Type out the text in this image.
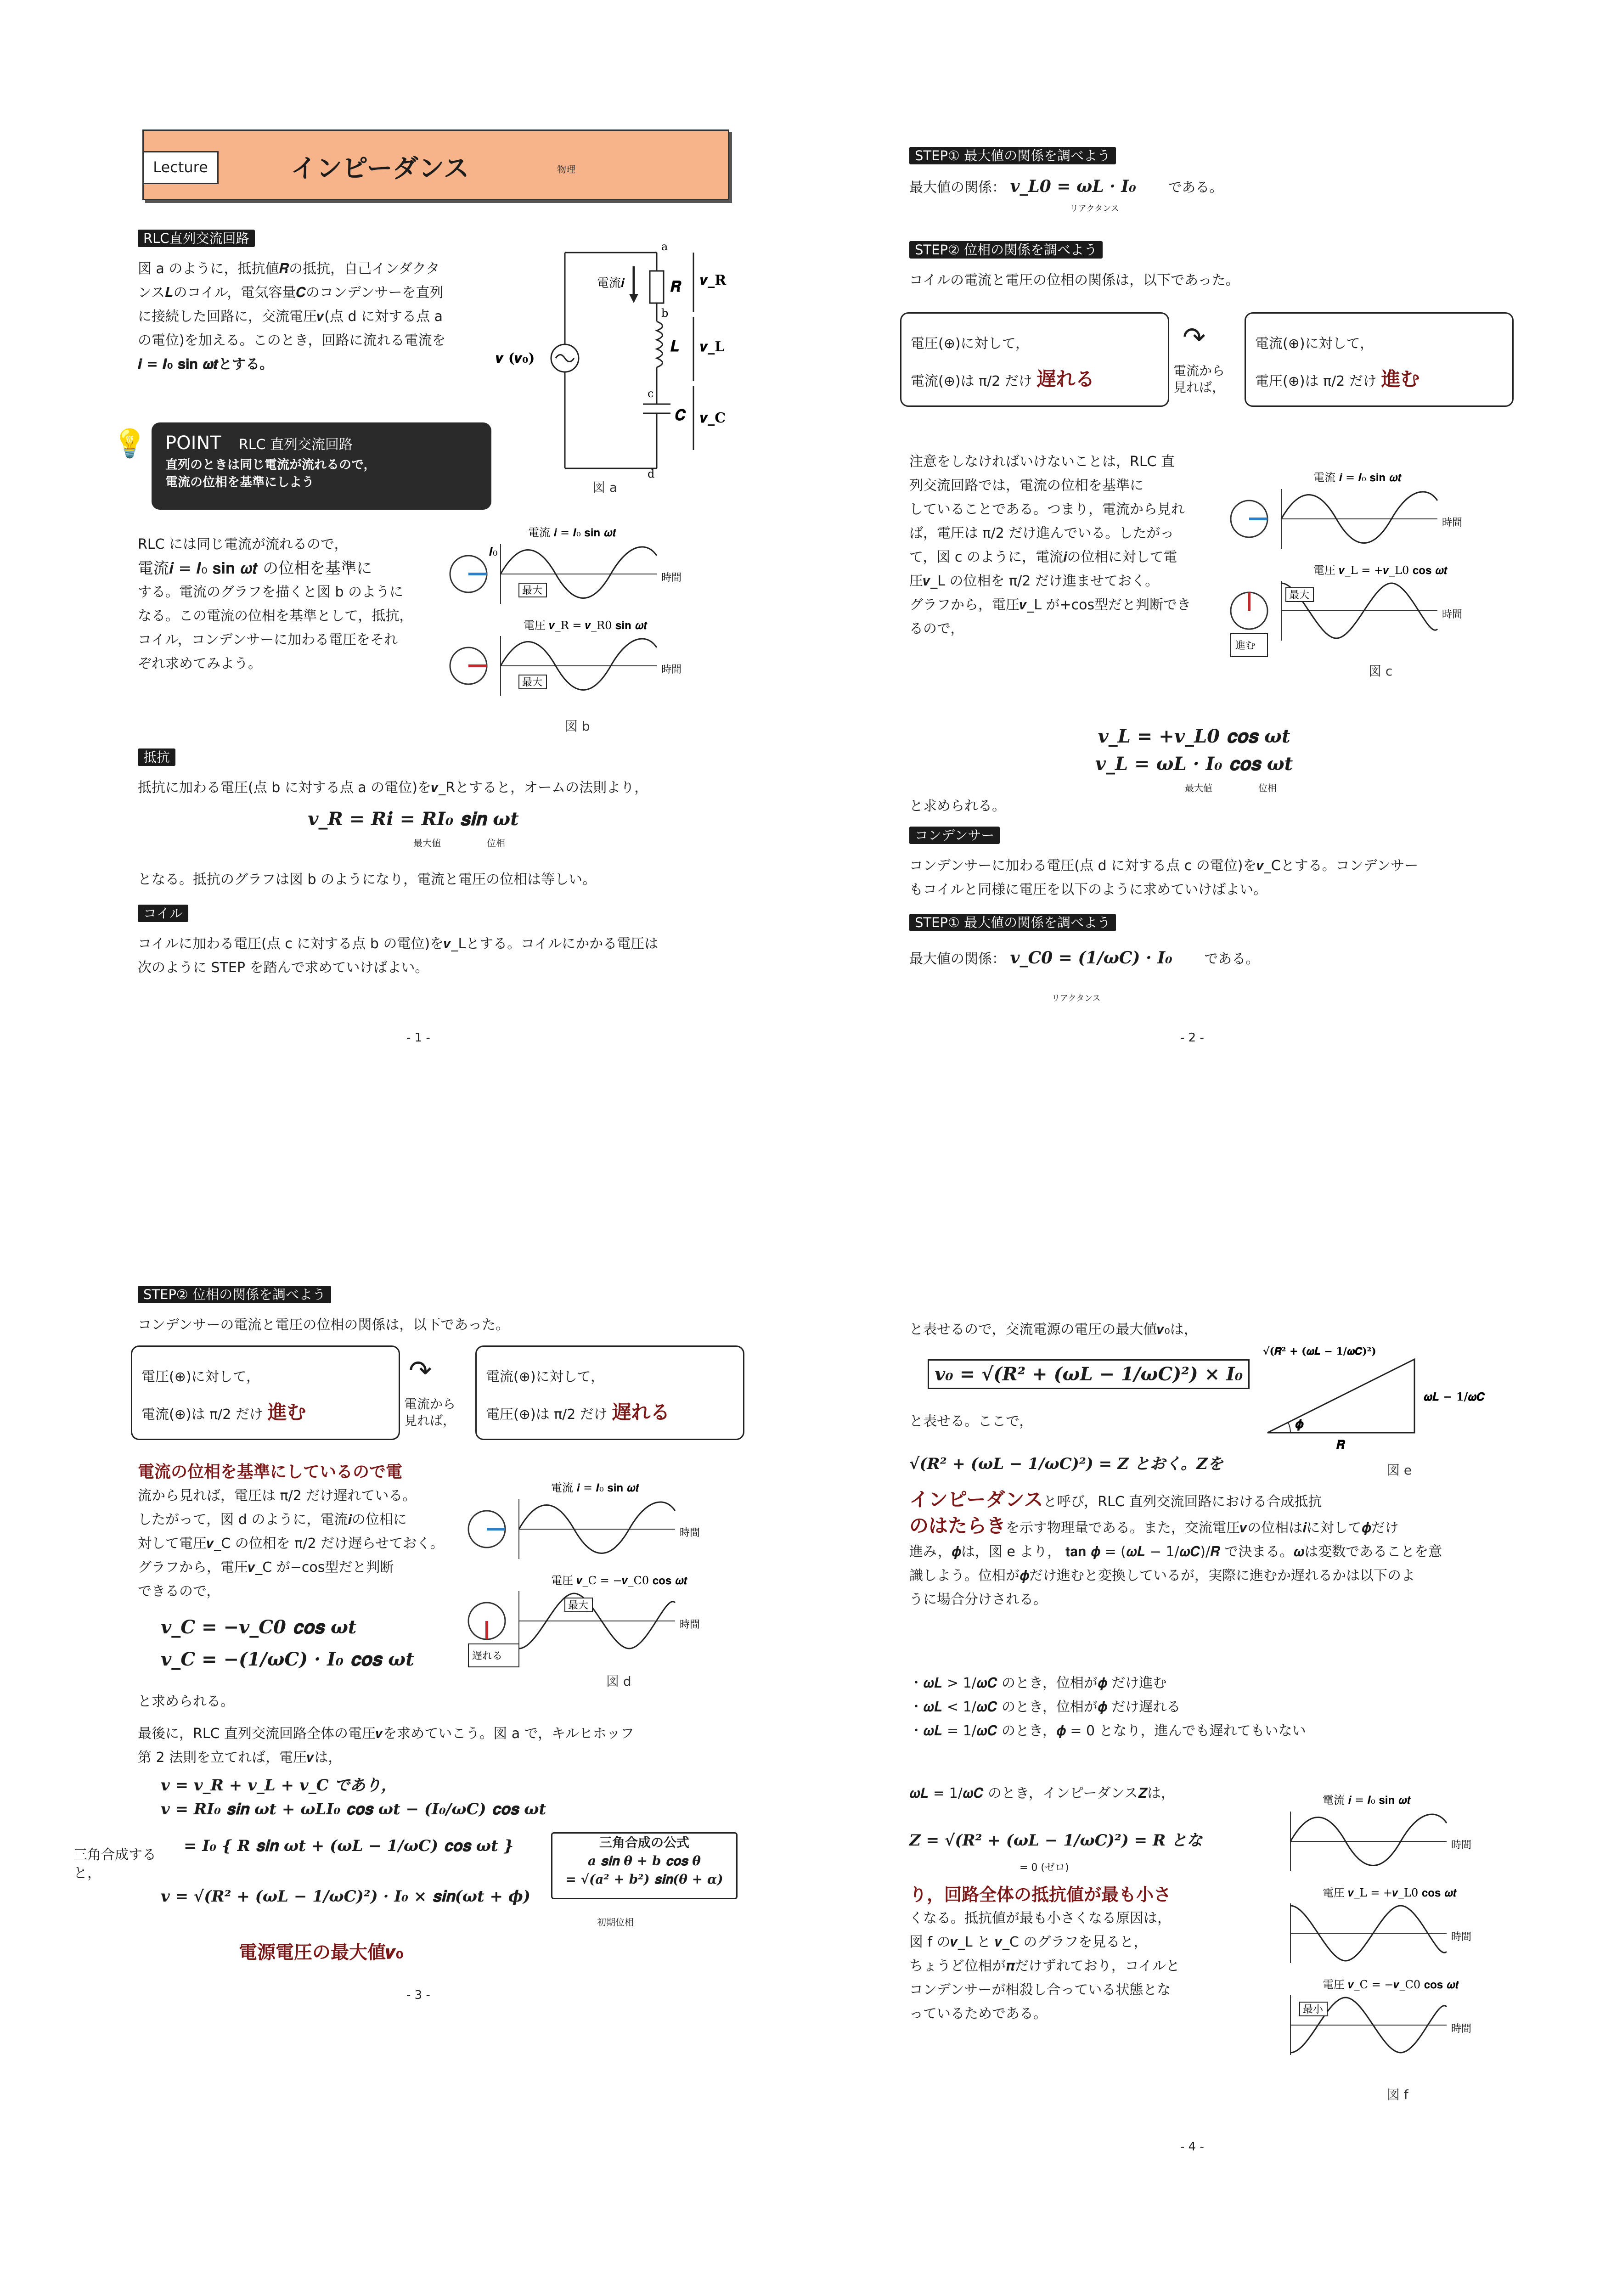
Lecture	インピーダンス	物理
RLC直列交流回路
図 a のように，抵抗値𝑹の抵抗，自己インダクタ
ンス𝑳のコイル，電気容量𝑪のコンデンサーを直列
に接続した回路に，交流電圧𝒗(点 d に対する点 a
の電位)を加える。このとき，回路に流れる電流を
𝒊 = 𝑰₀ 𝐬𝐢𝐧 𝝎𝒕とする。
電流𝒊
a
b
c
d
𝑹
𝑳
𝑪
𝒗_R
𝒗_L
𝒗_C
𝒗 (𝒗₀)
図 a
💡 POINT RLC 直列交流回路
直列のときは同じ電流が流れるので，
電流の位相を基準にしよう
RLC には同じ電流が流れるので，
電流𝒊 = 𝑰₀ 𝐬𝐢𝐧 𝝎𝒕 の位相を基準に
する。電流のグラフを描くと図 b のように
なる。この電流の位相を基準として，抵抗，
コイル，コンデンサーに加わる電圧をそれ
ぞれ求めてみよう。
電流 𝒊 = 𝑰₀ 𝐬𝐢𝐧 𝝎𝒕
最大
時間
𝑰₀
電圧 𝒗_R = 𝒗_R0 𝐬𝐢𝐧 𝝎𝒕
最大
時間
図 b
抵抗
抵抗に加わる電圧(点 b に対する点 a の電位)を𝒗_Rとすると，オームの法則より，
𝒗_R = 𝑹𝒊 = 𝑹𝑰₀ 𝐬𝐢𝐧 𝝎𝒕
最大値	位相
となる。抵抗のグラフは図 b のようになり，電流と電圧の位相は等しい。
コイル
コイルに加わる電圧(点 c に対する点 b の電位)を𝒗_Lとする。コイルにかかる電圧は
次のように STEP を踏んで求めていけばよい。
- 1 -
STEP① 最大値の関係を調べよう
最大値の関係： 𝒗_L0 = 𝝎𝑳 · 𝑰₀ である。
リアクタンス
STEP② 位相の関係を調べよう
コイルの電流と電圧の位相の関係は，以下であった。
電圧(⊕)に対して，
電流(⊕)は π/2 だけ 遅れる	電流から
見れば，
↷	電流(⊕)に対して，
電圧(⊕)は π/2 だけ 進む
注意をしなければいけないことは，RLC 直
列交流回路では，電流の位相を基準に
していることである。つまり，電流から見れ
ば，電圧は π/2 だけ進んでいる。したがっ
て，図 c のように，電流𝒊の位相に対して電
圧𝒗_L の位相を π/2 だけ進ませておく。
グラフから，電圧𝒗_L が+cos型だと判断でき
るので，
電流 𝒊 = 𝑰₀ 𝐬𝐢𝐧 𝝎𝒕
時間
電圧 𝒗_L = +𝒗_L0 𝐜𝐨𝐬 𝝎𝒕
最大
時間
進む
図 c
𝒗_L = +𝒗_L0 𝐜𝐨𝐬 𝝎𝒕
𝒗_L = 𝝎𝑳 · 𝑰₀ 𝐜𝐨𝐬 𝝎𝒕
最大値	位相
と求められる。
コンデンサー
コンデンサーに加わる電圧(点 d に対する点 c の電位)を𝒗_Cとする。コンデンサー
もコイルと同様に電圧を以下のように求めていけばよい。
STEP① 最大値の関係を調べよう
最大値の関係： 𝒗_C0 = (1/𝝎𝑪) · 𝑰₀ である。
リアクタンス
- 2 -
STEP② 位相の関係を調べよう
コンデンサーの電流と電圧の位相の関係は，以下であった。
電圧(⊕)に対して，
電流(⊕)は π/2 だけ 進む	電流から
見れば，
↷	電流(⊕)に対して，
電圧(⊕)は π/2 だけ 遅れる
電流の位相を基準にしているので電
流から見れば，電圧は π/2 だけ遅れている。
したがって，図 d のように，電流𝒊の位相に
対して電圧𝒗_C の位相を π/2 だけ遅らせておく。
グラフから，電圧𝒗_C が−cos型だと判断
できるので，
電流 𝒊 = 𝑰₀ 𝐬𝐢𝐧 𝝎𝒕
時間
電圧 𝒗_C = −𝒗_C0 𝐜𝐨𝐬 𝝎𝒕
最大
時間
遅れる
図 d
𝒗_C = −𝒗_C0 𝐜𝐨𝐬 𝝎𝒕
𝒗_C = −(1/𝝎𝑪) · 𝑰₀ 𝐜𝐨𝐬 𝝎𝒕
と求められる。
最後に，RLC 直列交流回路全体の電圧𝒗を求めていこう。図 a で，キルヒホッフ
第 2 法則を立てれば，電圧𝒗は，
𝒗 = 𝒗_R + 𝒗_L + 𝒗_C であり，
𝒗 = 𝑹𝑰₀ 𝐬𝐢𝐧 𝝎𝒕 + 𝝎𝑳𝑰₀ 𝐜𝐨𝐬 𝝎𝒕 − (𝑰₀/𝝎𝑪) 𝐜𝐨𝐬 𝝎𝒕
= 𝑰₀ { 𝑹 𝐬𝐢𝐧 𝝎𝒕 + (𝝎𝑳 − 1/𝝎𝑪) 𝐜𝐨𝐬 𝝎𝒕 }
三角合成すると，
𝒗 = √(𝑹² + (𝝎𝑳 − 1/𝝎𝑪)²) · 𝑰₀ × 𝐬𝐢𝐧(𝝎𝒕 + 𝝓)
三角合成の公式
𝒂 𝐬𝐢𝐧 𝜽 + 𝒃 𝐜𝐨𝐬 𝜽
= √(𝒂² + 𝒃²) 𝐬𝐢𝐧(𝜽 + 𝜶)
初期位相
電源電圧の最大値𝒗₀
- 3 -
と表せるので，交流電源の電圧の最大値𝒗₀は，
𝒗₀ = √(𝑹² + (𝝎𝑳 − 1/𝝎𝑪)²) × 𝑰₀
𝝓
𝑹
𝝎𝑳 − 1/𝝎𝑪
√(𝑹² + (𝝎𝑳 − 1/𝝎𝑪)²)
図 e
と表せる。ここで，
√(𝑹² + (𝝎𝑳 − 1/𝝎𝑪)²) = 𝒁 とおく。𝒁を
インピーダンスと呼び，RLC 直列交流回路における合成抵抗
のはたらきを示す物理量である。また，交流電圧𝒗の位相は𝒊に対して𝝓だけ
進み，𝝓は，図 e より， 𝐭𝐚𝐧 𝝓 = (𝝎𝑳 − 1/𝝎𝑪)/𝑹 で決まる。𝝎は変数であることを意
識しよう。位相が𝝓だけ進むと変換しているが，実際に進むか遅れるかは以下のよ
うに場合分けされる。
・𝝎𝑳 > 1/𝝎𝑪 のとき，位相が𝝓 だけ進む
・𝝎𝑳 < 1/𝝎𝑪 のとき，位相が𝝓 だけ遅れる
・𝝎𝑳 = 1/𝝎𝑪 のとき，𝝓 = 0 となり，進んでも遅れてもいない
𝝎𝑳 = 1/𝝎𝑪 のとき，インピーダンス𝒁は，
𝒁 = √(𝑹² + (𝝎𝑳 − 1/𝝎𝑪)²) = 𝑹 とな
= 0 (ゼロ)
り，回路全体の抵抗値が最も小さ
くなる。抵抗値が最も小さくなる原因は，
図 f の𝒗_L と 𝒗_C のグラフを見ると，
ちょうど位相が𝝅だけずれており，コイルと
コンデンサーが相殺し合っている状態とな
っているためである。
電流 𝒊 = 𝑰₀ 𝐬𝐢𝐧 𝝎𝒕
時間
電圧 𝒗_L = +𝒗_L0 𝐜𝐨𝐬 𝝎𝒕
時間
電圧 𝒗_C = −𝒗_C0 𝐜𝐨𝐬 𝝎𝒕
最小
時間
図 f
- 4 -
